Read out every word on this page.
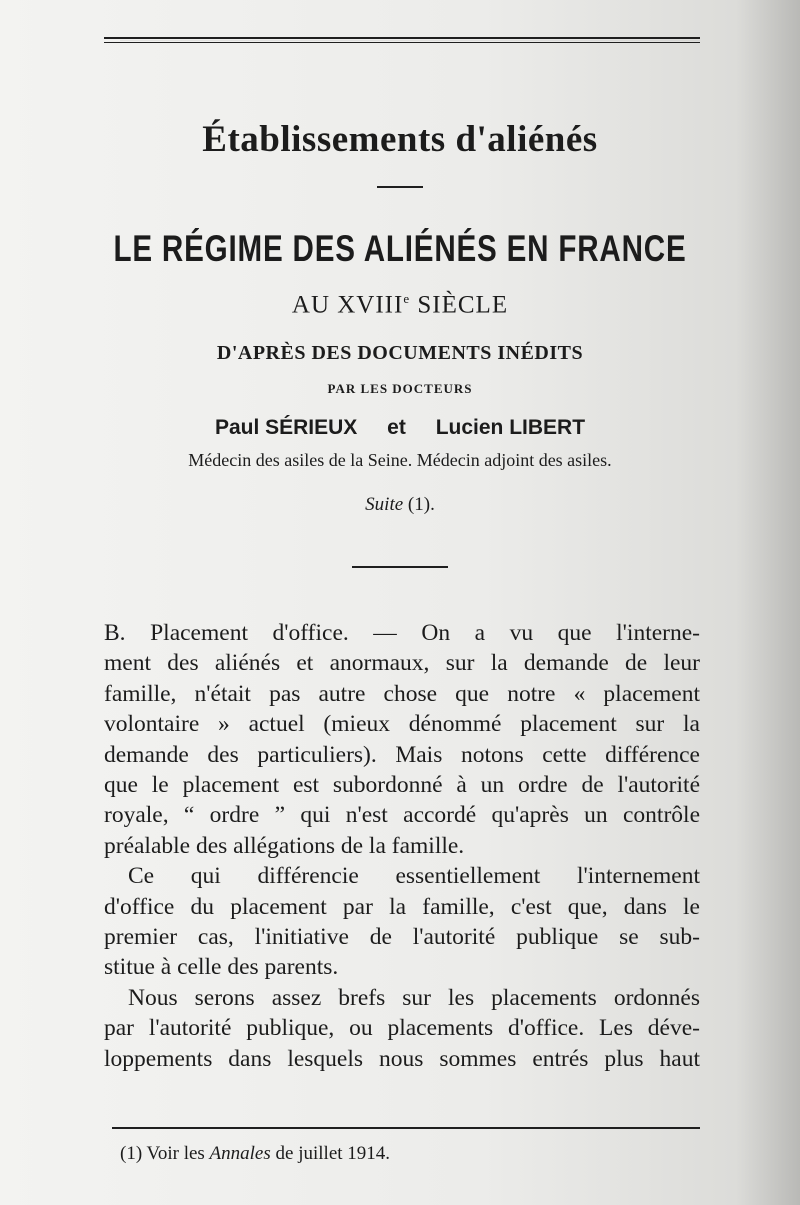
Établissements d'aliénés
LE RÉGIME DES ALIÉNÉS EN FRANCE
AU XVIIIe SIÈCLE
D'APRÈS DES DOCUMENTS INÉDITS
PAR LES DOCTEURS
Paul SÉRIEUX et Lucien LIBERT
Médecin des asiles de la Seine. Médecin adjoint des asiles.
Suite (1).
B. Placement d'office. — On a vu que l'interne-
ment des aliénés et anormaux, sur la demande de leur
famille, n'était pas autre chose que notre « placement
volontaire » actuel (mieux dénommé placement sur la
demande des particuliers). Mais notons cette différence
que le placement est subordonné à un ordre de l'autorité
royale, “ ordre ” qui n'est accordé qu'après un contrôle
préalable des allégations de la famille.
Ce qui différencie essentiellement l'internement
d'office du placement par la famille, c'est que, dans le
premier cas, l'initiative de l'autorité publique se sub-
stitue à celle des parents.
Nous serons assez brefs sur les placements ordonnés
par l'autorité publique, ou placements d'office. Les déve-
loppements dans lesquels nous sommes entrés plus haut
(1) Voir les Annales de juillet 1914.
